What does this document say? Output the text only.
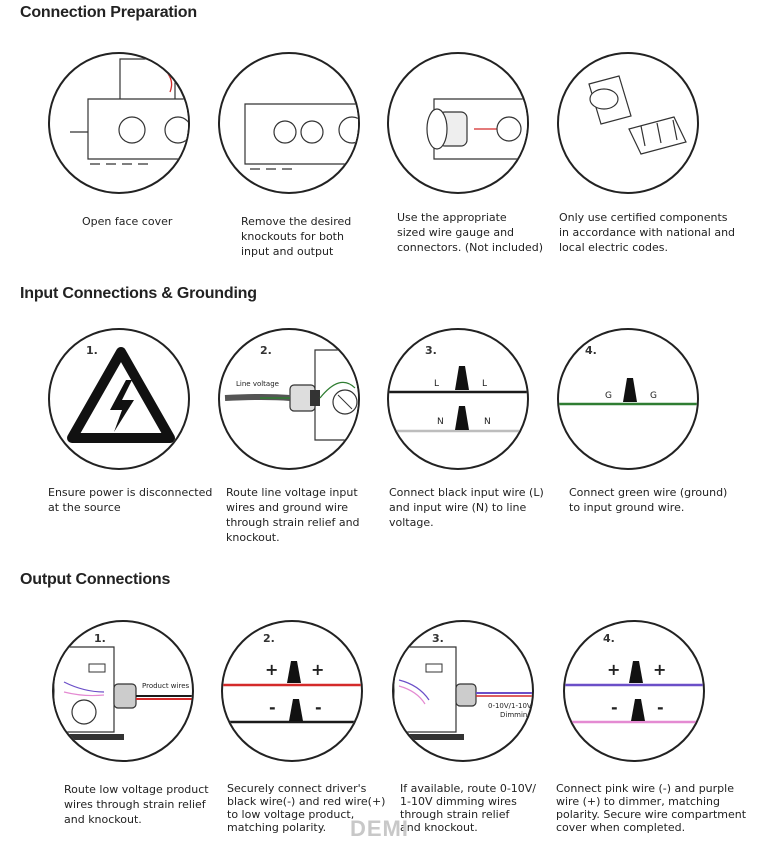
Connection Preparation
Input Connections & Grounding
Output Connections
Open face cover	Remove the desired
knockouts for both
input and output
Use the appropriate
sized wire gauge and
connectors. (Not included)
Only use certified components
in accordance with national and
local electric codes.
1.	2.
Line voltage
3.
L	L
N	N
4.
G	G
Ensure power is disconnected
at the source
Route line voltage input
wires and ground wire
through strain relief and
knockout.
Connect black input wire (L)
and input wire (N) to line
voltage.
Connect green wire (ground)
to input ground wire.
1.
Product wires
2.
+ +
- -
3.
0-10V/1-10V
Dimming
4.
+ +
- -
Route low voltage product
wires through strain relief
and knockout.
Securely connect driver's
black wire(-) and red wire(+)
to low voltage product,
matching polarity.
If available, route 0-10V/
1-10V dimming wires
through strain relief
and knockout.
Connect pink wire (-) and purple
wire (+) to dimmer, matching
polarity. Secure wire compartment
cover when completed.
DEMI
